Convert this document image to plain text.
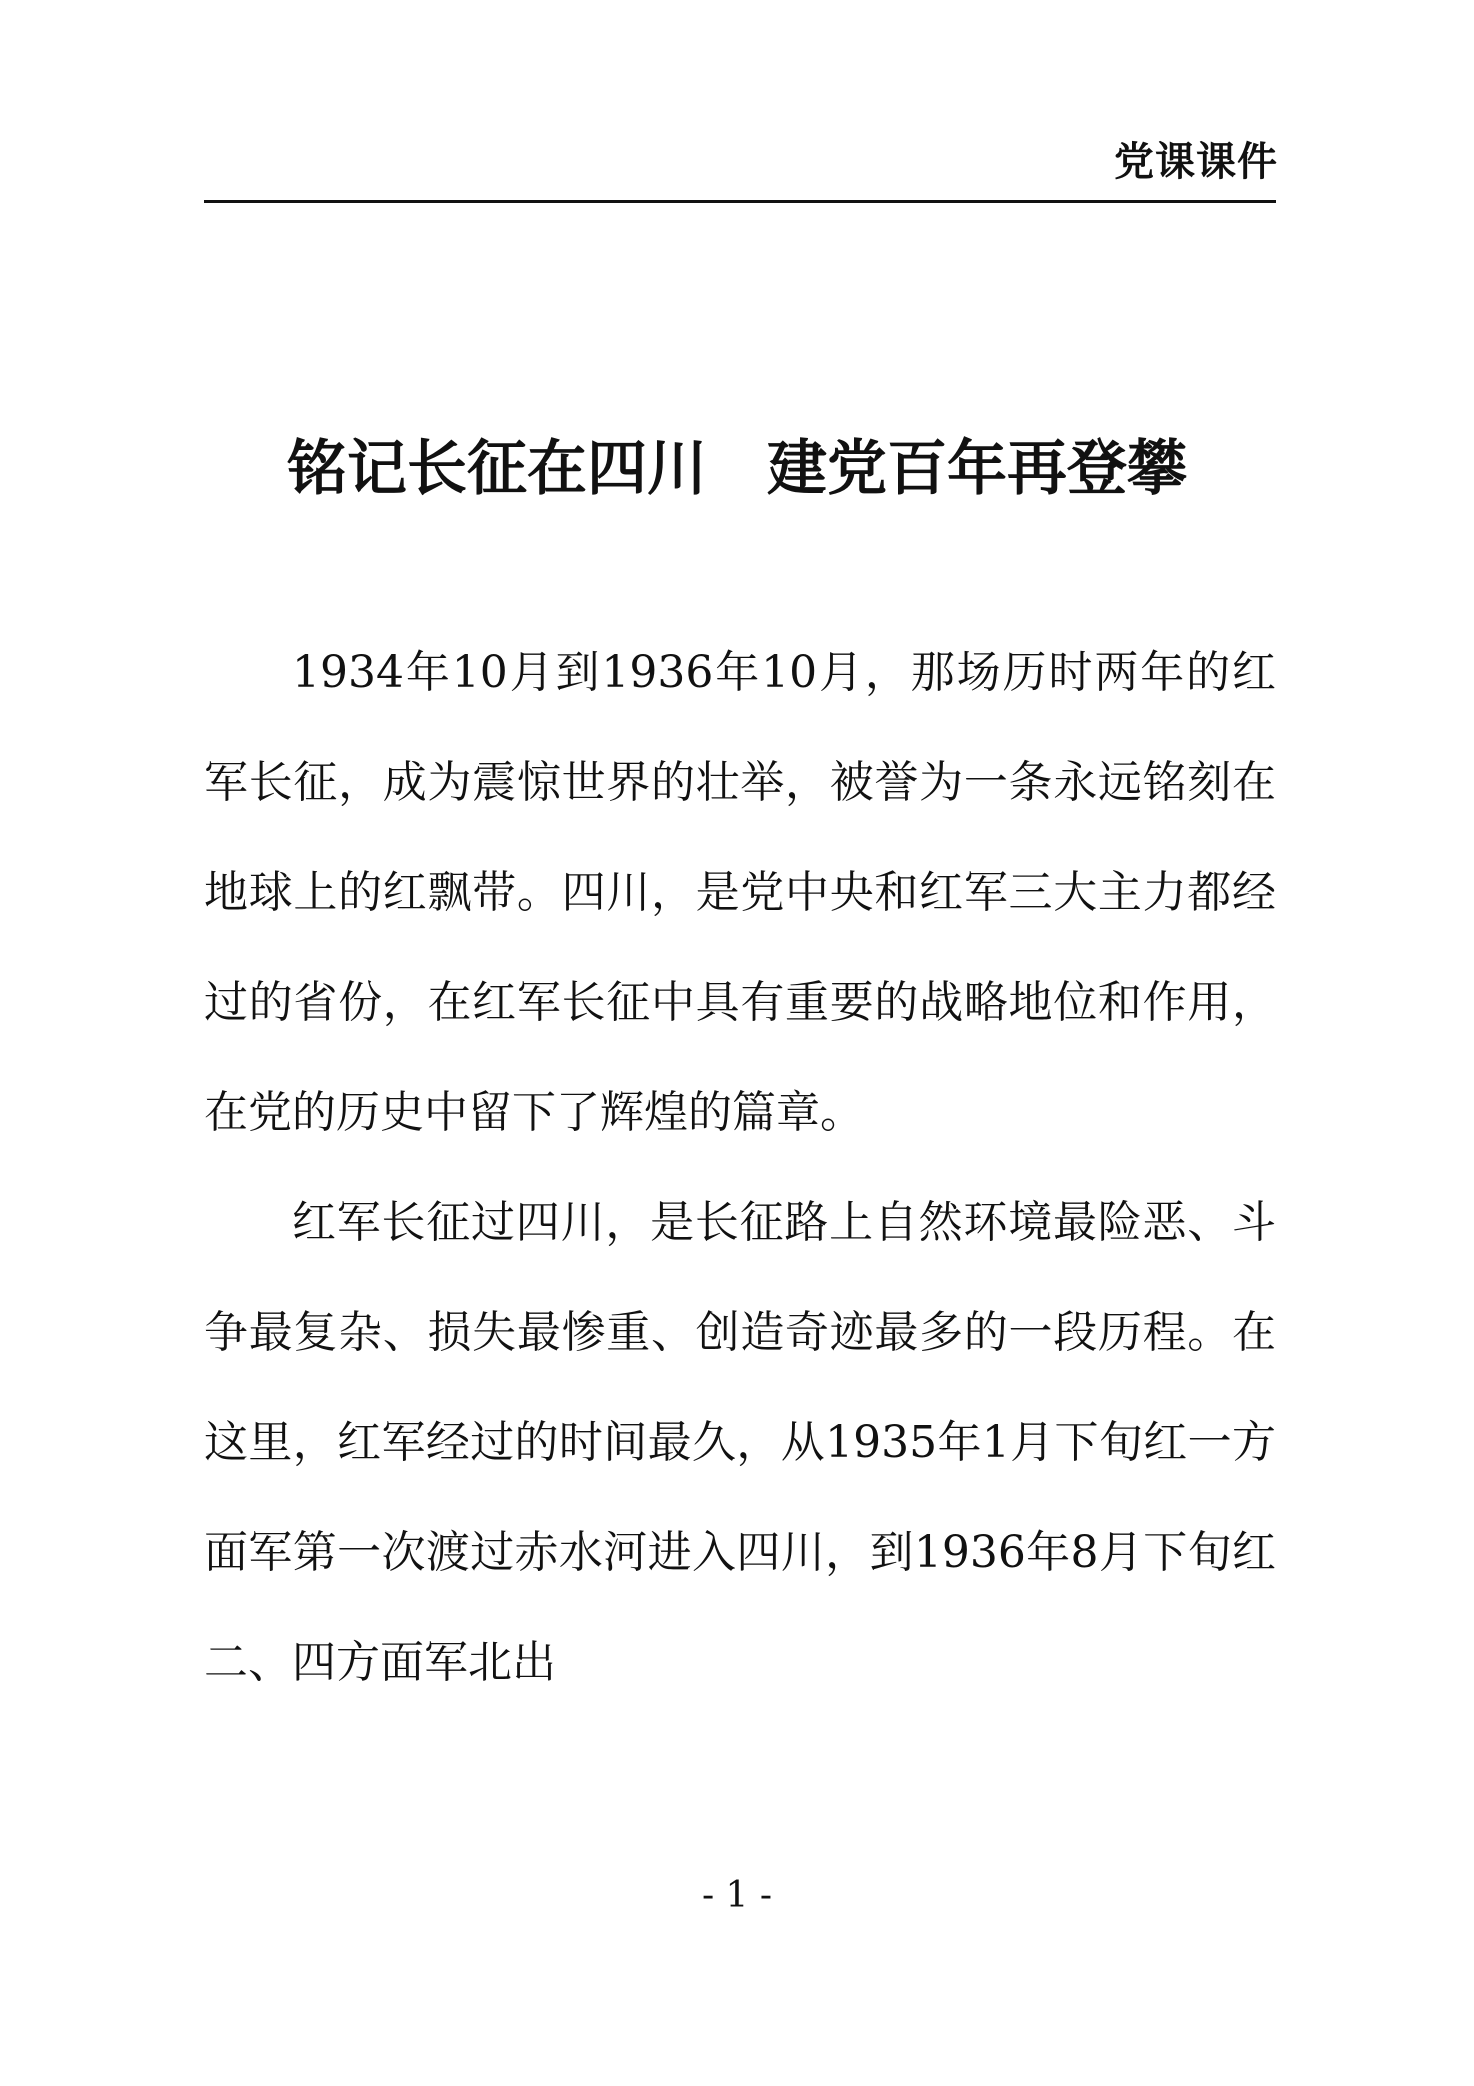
党课课件
铭记长征在四川　建党百年再登攀

1934年10月到1936年10月，那场历时两年的红军长征，成为震惊世界的壮举，被誉为一条永远铭刻在地球上的红飘带。四川，是党中央和红军三大主力都经过的省份，在红军长征中具有重要的战略地位和作用，在党的历史中留下了辉煌的篇章。

红军长征过四川，是长征路上自然环境最险恶、斗争最复杂、损失最惨重、创造奇迹最多的一段历程。在这里，红军经过的时间最久，从1935年1月下旬红一方面军第一次渡过赤水河进入四川，到1936年8月下旬红二、四方面军北出

- 1 -
